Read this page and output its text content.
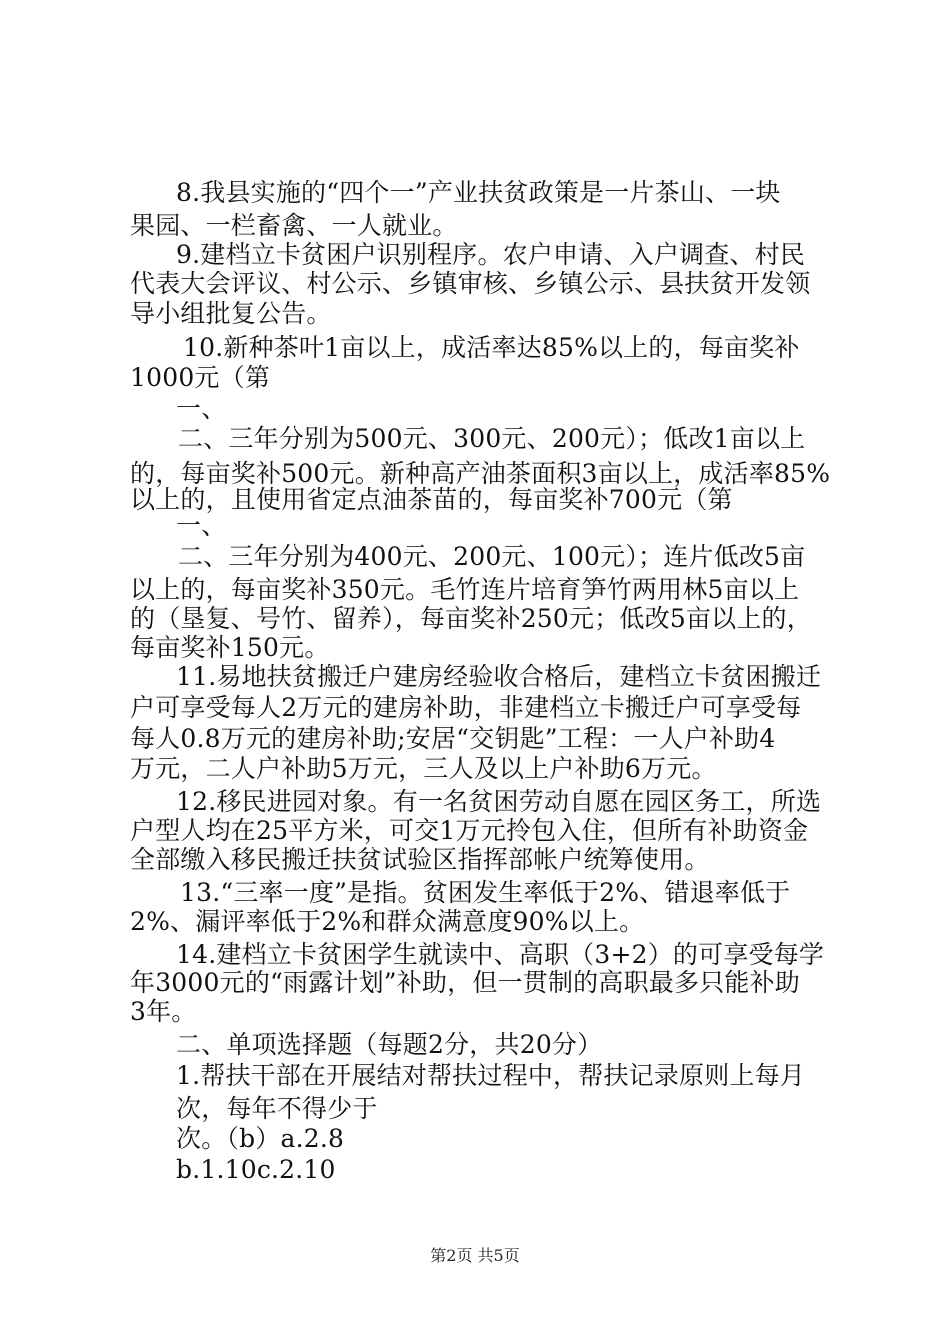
8.我县实施的“四个一”产业扶贫政策是一片茶山、一块
果园、一栏畜禽、一人就业。
9.建档立卡贫困户识别程序。农户申请、入户调查、村民
代表大会评议、村公示、乡镇审核、乡镇公示、县扶贫开发领
导小组批复公告。
10.新种茶叶1亩以上，成活率达85%以上的，每亩奖补
1000元（第
一、
二、三年分别为500元、300元、200元）；低改1亩以上
的，每亩奖补500元。新种高产油茶面积3亩以上，成活率85%
以上的，且使用省定点油茶苗的，每亩奖补700元（第
一、
二、三年分别为400元、200元、100元）；连片低改5亩
以上的，每亩奖补350元。毛竹连片培育笋竹两用林5亩以上
的（垦复、号竹、留养），每亩奖补250元；低改5亩以上的，
每亩奖补150元。
11.易地扶贫搬迁户建房经验收合格后，建档立卡贫困搬迁
户可享受每人2万元的建房补助，非建档立卡搬迁户可享受每
每人0.8万元的建房补助;安居“交钥匙”工程：一人户补助4
万元，二人户补助5万元，三人及以上户补助6万元。
12.移民进园对象。有一名贫困劳动自愿在园区务工，所选
户型人均在25平方米，可交1万元拎包入住，但所有补助资金
全部缴入移民搬迁扶贫试验区指挥部帐户统筹使用。
13.“三率一度”是指。贫困发生率低于2%、错退率低于
2%、漏评率低于2%和群众满意度90%以上。
14.建档立卡贫困学生就读中、高职（3+2）的可享受每学
年3000元的“雨露计划”补助，但一贯制的高职最多只能补助
3年。
二、单项选择题（每题2分，共20分）
1.帮扶干部在开展结对帮扶过程中，帮扶记录原则上每月
次，每年不得少于
次。（b）a.2.8
b.1.10c.2.10
第2页 共5页
